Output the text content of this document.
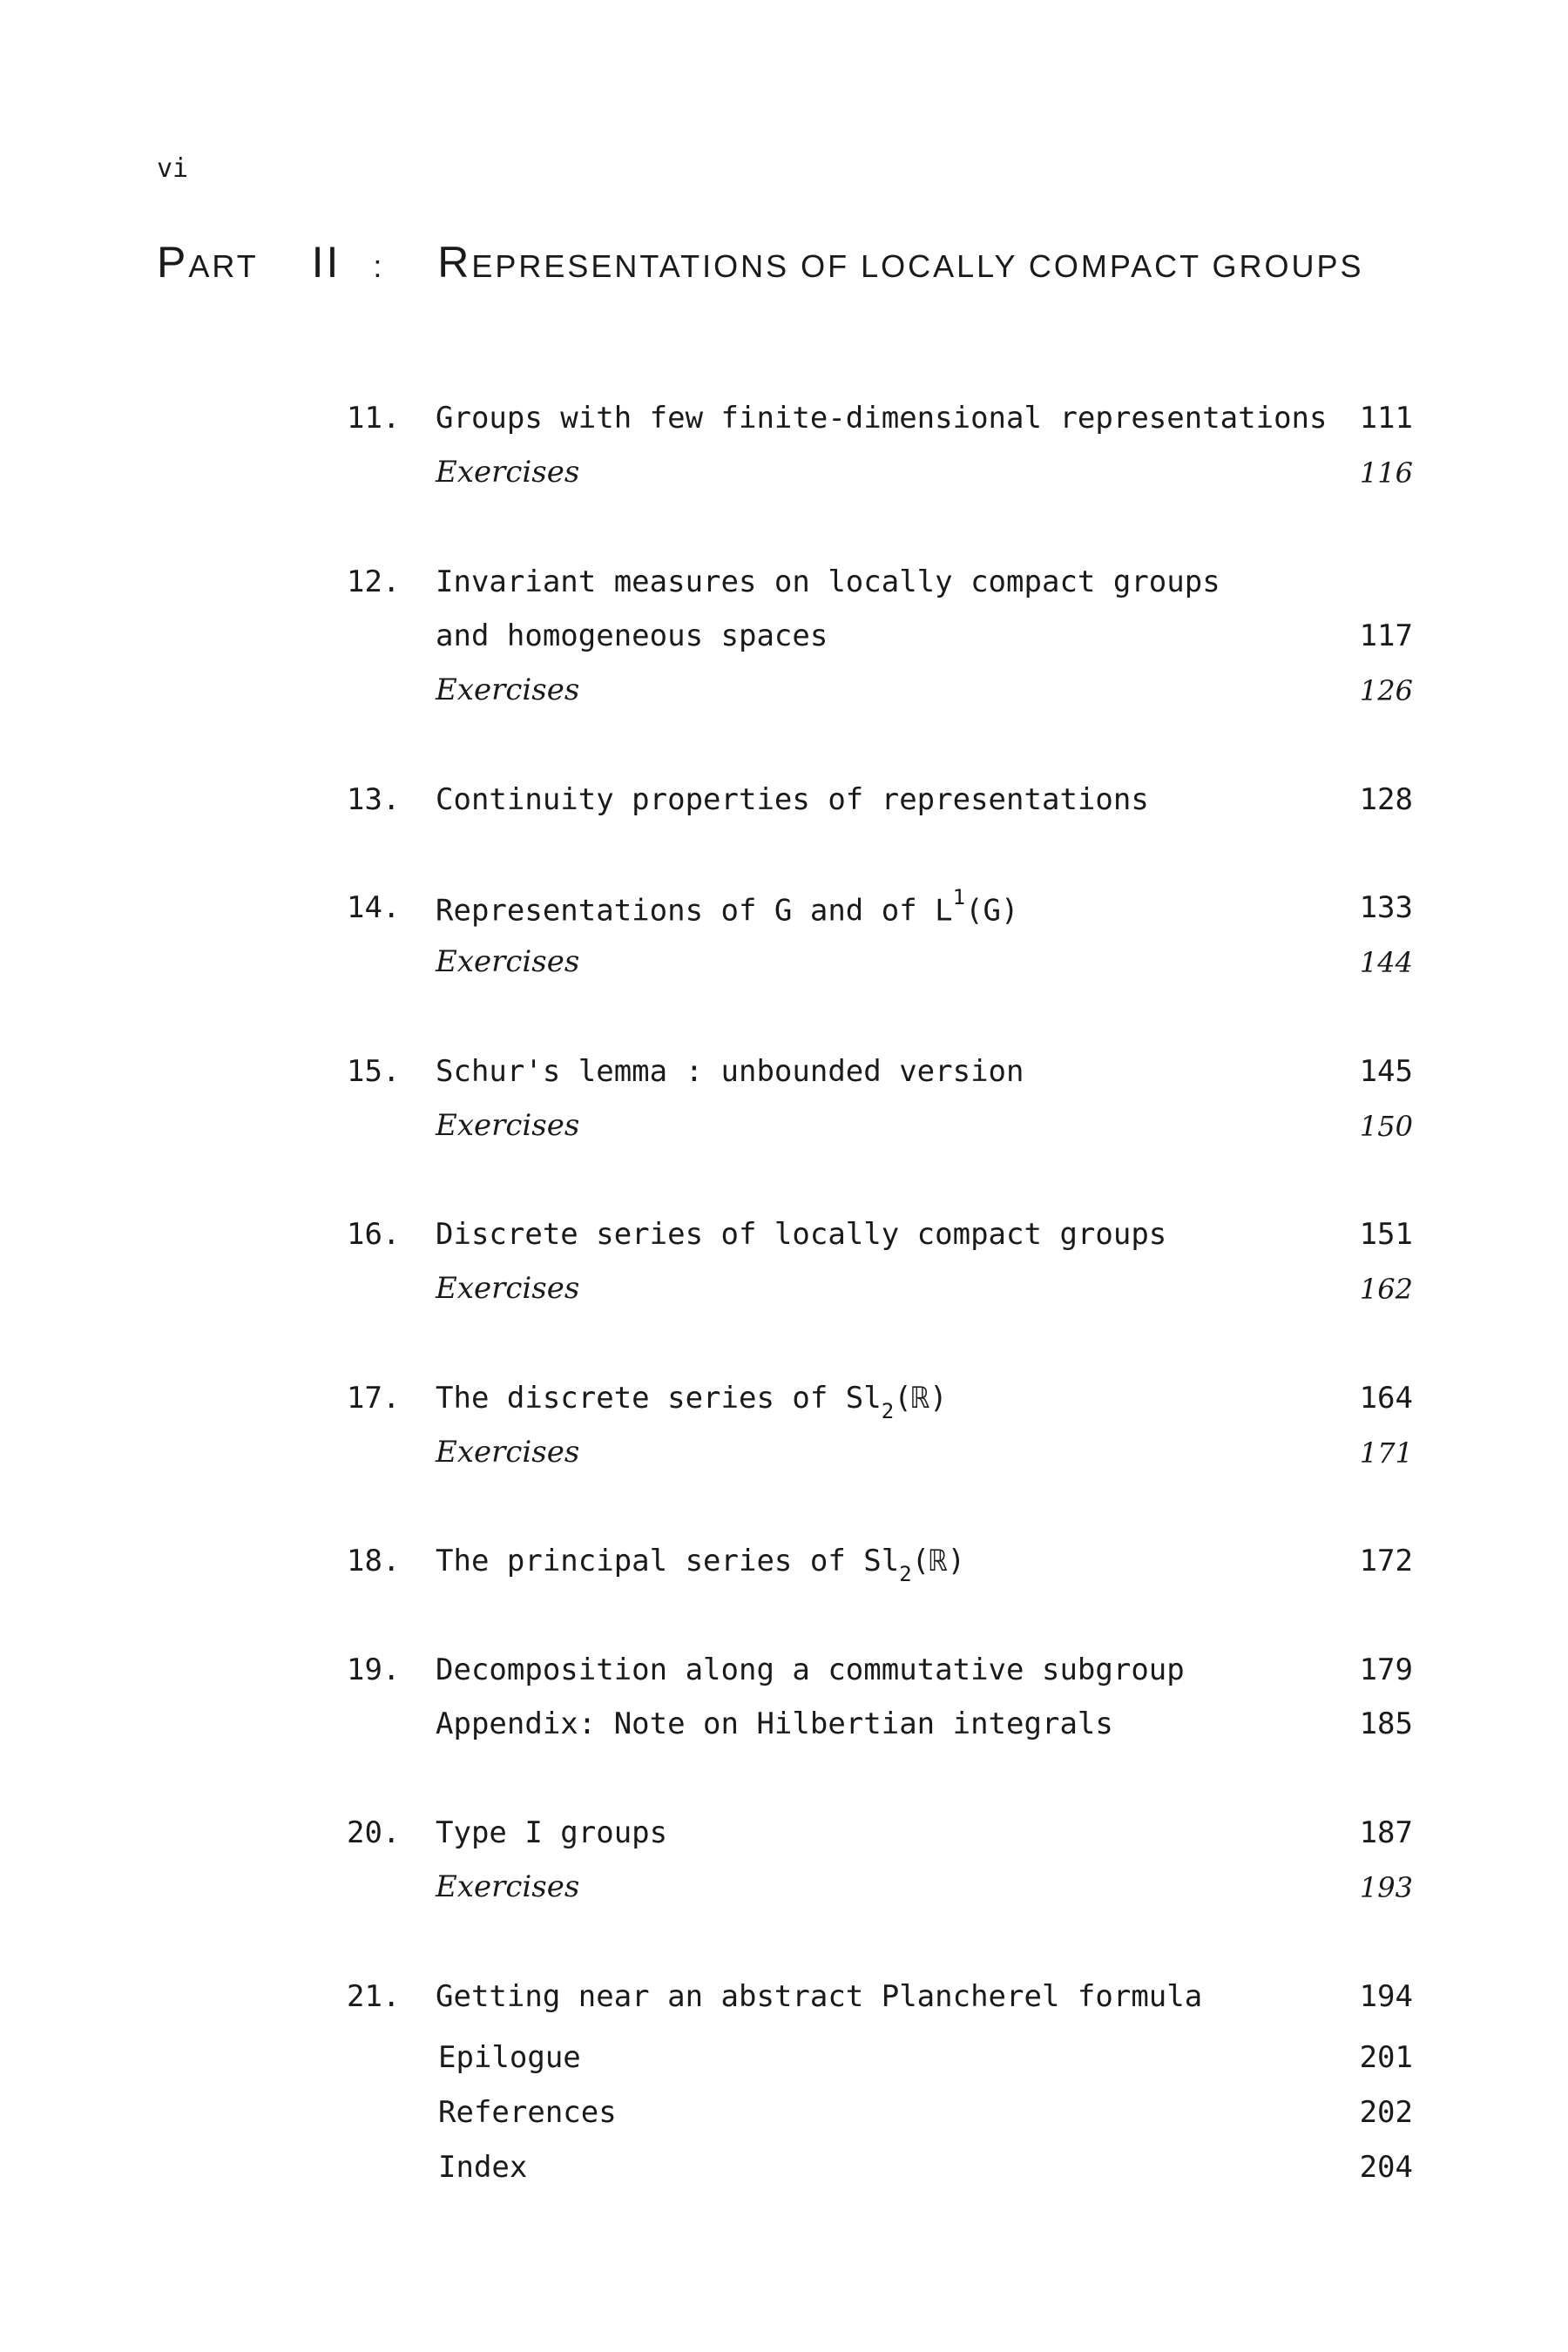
vi
PART II : REPRESENTATIONS OF LOCALLY COMPACT GROUPS
11. Groups with few finite-dimensional representations 111
Exercises	116
12. Invariant measures on locally compact groups
and homogeneous spaces	117
Exercises	126
13. Continuity properties of representations	128
14. Representations of G and of $L^1(G)$	133
Exercises	144
15. Schur's lemma : unbounded version	145
Exercises	150
16. Discrete series of locally compact groups	151
Exercises	162
17. The discrete series of $Sl_2(ℝ)$	164
Exercises	171
18. The principal series of $Sl_2(ℝ)$	172
19. Decomposition along a commutative subgroup	179
Appendix: Note on Hilbertian integrals	185
20. Type I groups	187
Exercises	193
21. Getting near an abstract Plancherel formula	194
Epilogue	201
References	202
Index	204
